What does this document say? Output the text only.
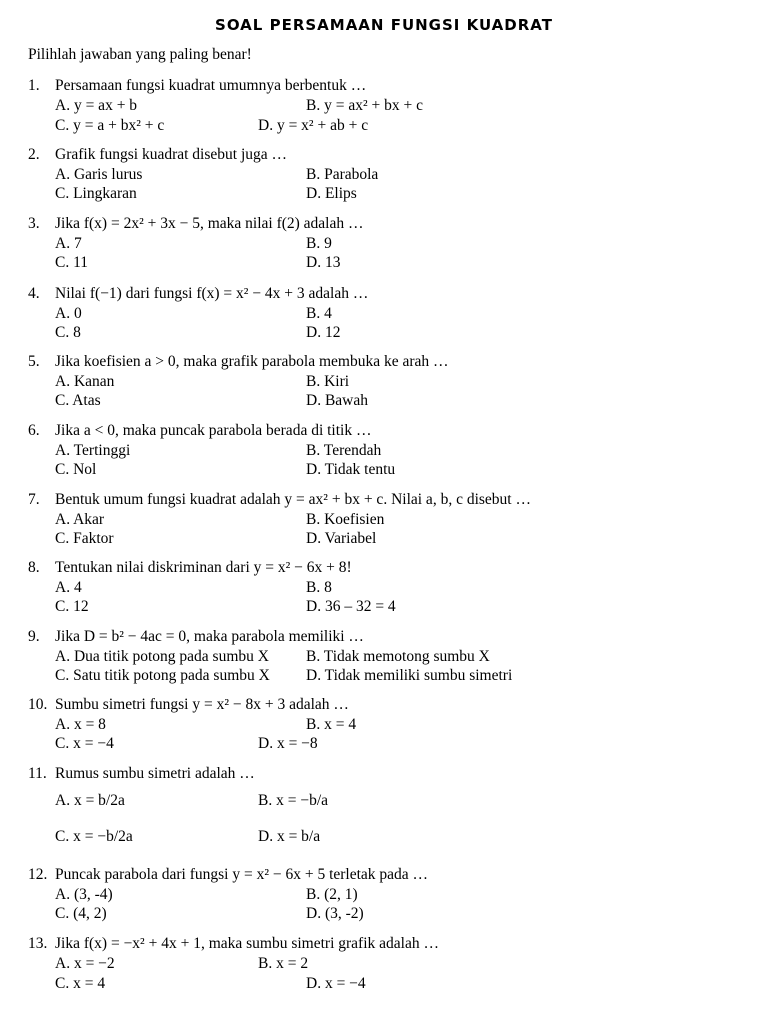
SOAL PERSAMAAN FUNGSI KUADRAT
Pilihlah jawaban yang paling benar!
1. Persamaan fungsi kuadrat umumnya berbentuk …
A. y = ax + b	B. y = ax² + bx + c
C. y = a + bx² + c	D. y = x² + ab + c
2. Grafik fungsi kuadrat disebut juga …
A. Garis lurus	B. Parabola
C. Lingkaran	D. Elips
3. Jika f(x) = 2x² + 3x − 5, maka nilai f(2) adalah …
A. 7	B. 9
C. 11	D. 13
4. Nilai f(−1) dari fungsi f(x) = x² − 4x + 3 adalah …
A. 0	B. 4
C. 8	D. 12
5. Jika koefisien a > 0, maka grafik parabola membuka ke arah …
A. Kanan	B. Kiri
C. Atas	D. Bawah
6. Jika a < 0, maka puncak parabola berada di titik …
A. Tertinggi	B. Terendah
C. Nol	D. Tidak tentu
7. Bentuk umum fungsi kuadrat adalah y = ax² + bx + c. Nilai a, b, c disebut …
A. Akar	B. Koefisien
C. Faktor	D. Variabel
8. Tentukan nilai diskriminan dari y = x² − 6x + 8!
A. 4	B. 8
C. 12	D. 36 – 32 = 4
9. Jika D = b² − 4ac = 0, maka parabola memiliki …
A. Dua titik potong pada sumbu X B. Tidak memotong sumbu X
C. Satu titik potong pada sumbu X D. Tidak memiliki sumbu simetri
10. Sumbu simetri fungsi y = x² − 8x + 3 adalah …
A. x = 8	B. x = 4
C. x = −4	D. x = −8
11. Rumus sumbu simetri adalah …
A. x = b/2a	B. x = −b/a
C. x = −b/2a	D. x = b/a
12. Puncak parabola dari fungsi y = x² − 6x + 5 terletak pada …
A. (3, -4)	B. (2, 1)
C. (4, 2)	D. (3, -2)
13. Jika f(x) = −x² + 4x + 1, maka sumbu simetri grafik adalah …
A. x = −2	B. x = 2
C. x = 4	D. x = −4
